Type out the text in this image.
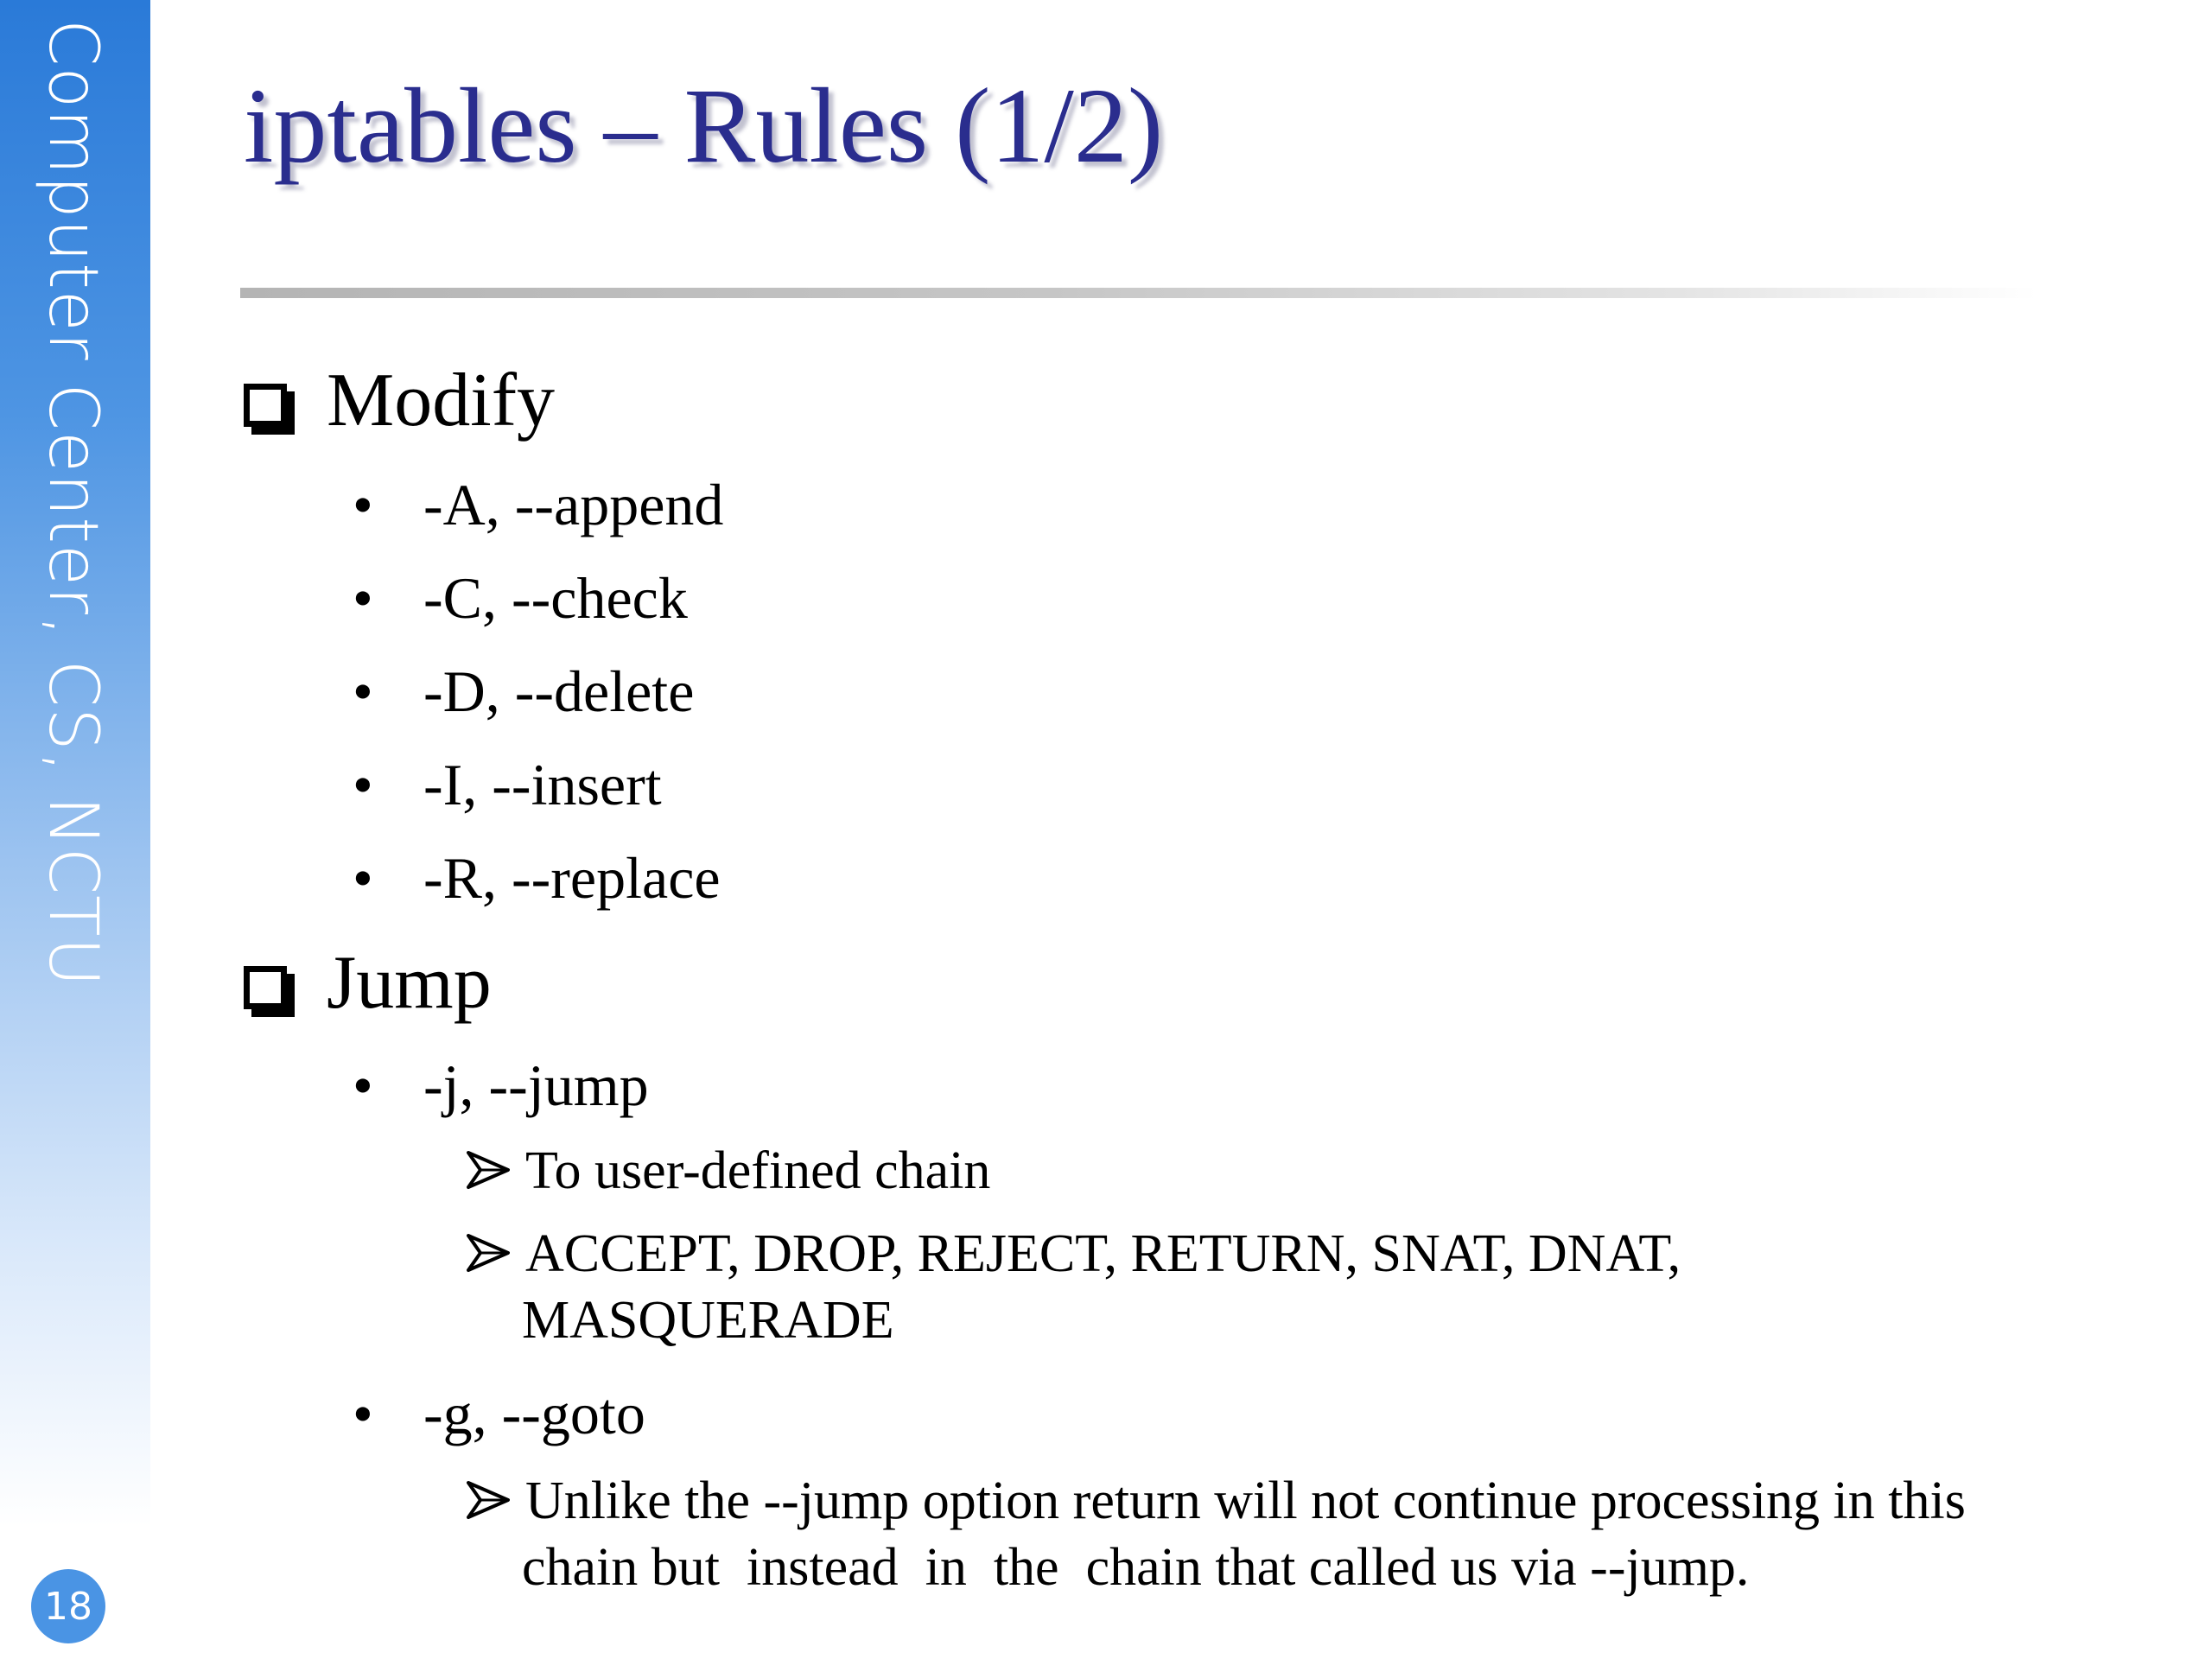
Computer Center, CS, NCTU
18
iptables – Rules (1/2)
Modify
• -A, --append
• -C, --check
• -D, --delete
• -I, --insert
• -R, --replace
Jump
• -j, --jump
To user-defined chain
ACCEPT, DROP, REJECT, RETURN, SNAT, DNAT,
MASQUERADE
• -g, --goto
Unlike the --jump option return will not continue processing in this
chain but  instead  in  the  chain that called us via --jump.
